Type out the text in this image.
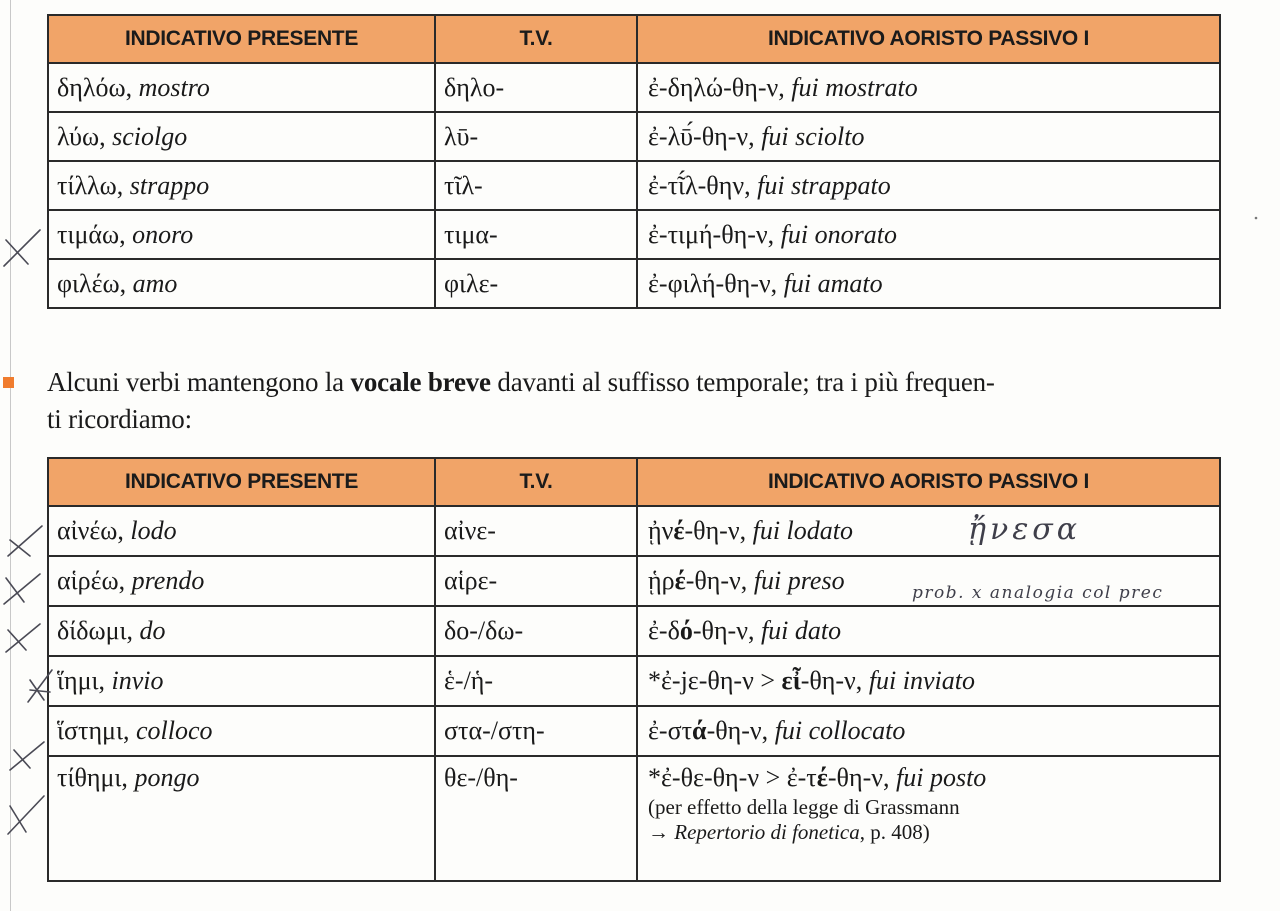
INDICATIVO PRESENTE	T.V.	INDICATIVO AORISTO PASSIVO I
δηλόω, mostro	δηλο-	ἐ-δηλώ-θη-ν, fui mostrato
λύω, sciolgo	λῡ-	ἐ-λῡ́-θη-ν, fui sciolto
τίλλω, strappo	τῖλ-	ἐ-τῖ́λ-θην, fui strappato
τιμάω, onoro	τιμα-	ἐ-τιμή-θη-ν, fui onorato
φιλέω, amo	φιλε-	ἐ-φιλή-θη-ν, fui amato
Alcuni verbi mantengono la vocale breve davanti al suffisso temporale; tra i più frequen-
ti ricordiamo:
INDICATIVO PRESENTE	T.V.	INDICATIVO AORISTO PASSIVO I
αἰνέω, lodo	αἰνε-	ᾐνέ-θη-ν, fui lodato
αἱρέω, prendo	αἱρε-	ᾑρέ-θη-ν, fui preso
δίδωμι, do	δο-/δω-	ἐ-δό-θη-ν, fui dato
ἵημι, invio	ἑ-/ἡ-	*ἐ-jε-θη-ν > εἶ-θη-ν, fui inviato
ἵστημι, colloco	στα-/στη-	ἐ-στά-θη-ν, fui collocato
τίθημι, pongo	θε-/θη-	*ἐ-θε-θη-ν > ἐ-τέ-θη-ν, fui posto
(per effetto della legge di Grassmann
→ Repertorio di fonetica, p. 408)
ᾔνεσα
prob. x analogia col prec
